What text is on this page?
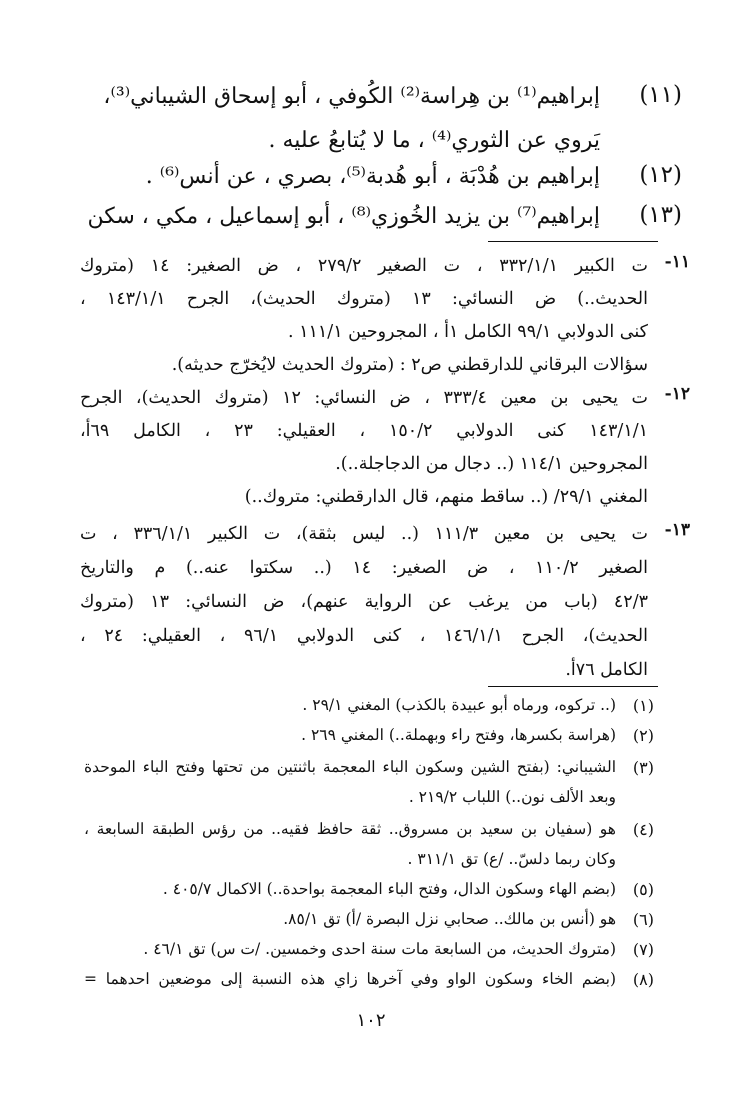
(١١)
إبراهيم⁽¹⁾ بن هِراسة⁽²⁾ الكُوفي ، أبو إسحاق الشيباني⁽³⁾،
يَروي عن الثوري⁽⁴⁾ ، ما لا يُتابعُ عليه .
(١٢)
إبراهيم بن هُدْبَة ، أبو هُدبة⁽⁵⁾، بصري ، عن أنس⁽⁶⁾ .
(١٣)
إبراهيم⁽⁷⁾ بن يزيد الخُوزي⁽⁸⁾ ، أبو إسماعيل ، مكي ، سكن
١١-
ت الكبير ٣٣٢/١/١ ، ت الصغير ٢٧٩/٢ ، ض الصغير: ١٤ (متروك
الحديث..) ض النسائي: ١٣ (متروك الحديث)، الجرح ١٤٣/١/١ ،
كنى الدولابي ٩٩/١ الكامل ١أ ، المجروحين ١١١/١ .
سؤالات البرقاني للدارقطني ص٢ : (متروك الحديث لايُخرّج حديثه).
١٢-
ت يحيى بن معين ٣٣٣/٤ ، ض النسائي: ١٢ (متروك الحديث)، الجرح
١٤٣/١/١ كنى الدولابي ١٥٠/٢ ، العقيلي: ٢٣ ، الكامل ٦٩أ،
المجروحين ١١٤/١ (.. دجال من الدجاجلة..).
المغني ٢٩/١/ (.. ساقط منهم، قال الدارقطني: متروك..)
١٣-
ت يحيى بن معين ١١١/٣ (.. ليس بثقة)، ت الكبير ٣٣٦/١/١ ، ت
الصغير ١١٠/٢ ، ض الصغير: ١٤ (.. سكتوا عنه..) م والتاريخ
٤٢/٣ (باب من يرغب عن الرواية عنهم)، ض النسائي: ١٣ (متروك
الحديث)، الجرح ١٤٦/١/١ ، كنى الدولابي ٩٦/١ ، العقيلي: ٢٤ ،
الكامل ٧٦أ.
(١)
(.. تركوه، ورماه أبو عبيدة بالكذب) المغني ٢٩/١ .
(٢)
(هراسة بكسرها، وفتح راء وبهملة..) المغني ٢٦٩ .
(٣)
الشيباني: (بفتح الشين وسكون الباء المعجمة باثنتين من تحتها وفتح الباء الموحدة
وبعد الألف نون..) اللباب ٢١٩/٢ .
(٤)
هو (سفيان بن سعيد بن مسروق.. ثقة حافظ فقيه.. من رؤس الطبقة السابعة ،
وكان ربما دلسّ.. /ع) تق ٣١١/١ .
(٥)
(بضم الهاء وسكون الدال، وفتح الباء المعجمة بواحدة..) الاكمال ٤٠٥/٧ .
(٦)
هو (أنس بن مالك.. صحابي نزل البصرة /أ) تق ٨٥/١.
(٧)
(متروك الحديث، من السابعة مات سنة احدى وخمسين. /ت س) تق ٤٦/١ .
(٨)
(بضم الخاء وسكون الواو وفي آخرها زاي هذه النسبة إلى موضعين احدهما =
١٠٢
